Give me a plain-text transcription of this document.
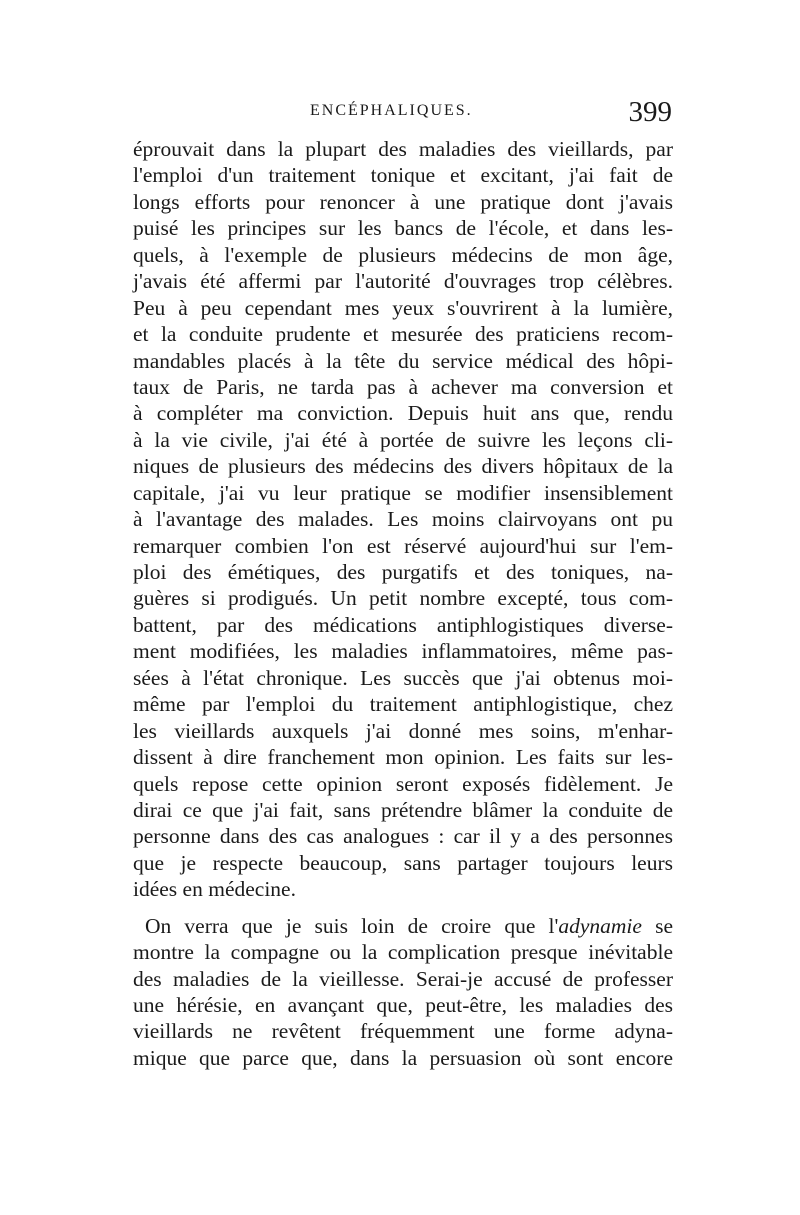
ENCÉPHALIQUES.	399
éprouvait dans la plupart des maladies des vieillards, par
l'emploi d'un traitement tonique et excitant, j'ai fait de
longs efforts pour renoncer à une pratique dont j'avais
puisé les principes sur les bancs de l'école, et dans les-
quels, à l'exemple de plusieurs médecins de mon âge,
j'avais été affermi par l'autorité d'ouvrages trop célèbres.
Peu à peu cependant mes yeux s'ouvrirent à la lumière,
et la conduite prudente et mesurée des praticiens recom-
mandables placés à la tête du service médical des hôpi-
taux de Paris, ne tarda pas à achever ma conversion et
à compléter ma conviction. Depuis huit ans que, rendu
à la vie civile, j'ai été à portée de suivre les leçons cli-
niques de plusieurs des médecins des divers hôpitaux de la
capitale, j'ai vu leur pratique se modifier insensiblement
à l'avantage des malades. Les moins clairvoyans ont pu
remarquer combien l'on est réservé aujourd'hui sur l'em-
ploi des émétiques, des purgatifs et des toniques, na-
guères si prodigués. Un petit nombre excepté, tous com-
battent, par des médications antiphlogistiques diverse-
ment modifiées, les maladies inflammatoires, même pas-
sées à l'état chronique. Les succès que j'ai obtenus moi-
même par l'emploi du traitement antiphlogistique, chez
les vieillards auxquels j'ai donné mes soins, m'enhar-
dissent à dire franchement mon opinion. Les faits sur les-
quels repose cette opinion seront exposés fidèlement. Je
dirai ce que j'ai fait, sans prétendre blâmer la conduite de
personne dans des cas analogues : car il y a des personnes
que je respecte beaucoup, sans partager toujours leurs
idées en médecine.
On verra que je suis loin de croire que l'adynamie se
montre la compagne ou la complication presque inévitable
des maladies de la vieillesse. Serai-je accusé de professer
une hérésie, en avançant que, peut-être, les maladies des
vieillards ne revêtent fréquemment une forme adyna-
mique que parce que, dans la persuasion où sont encore
